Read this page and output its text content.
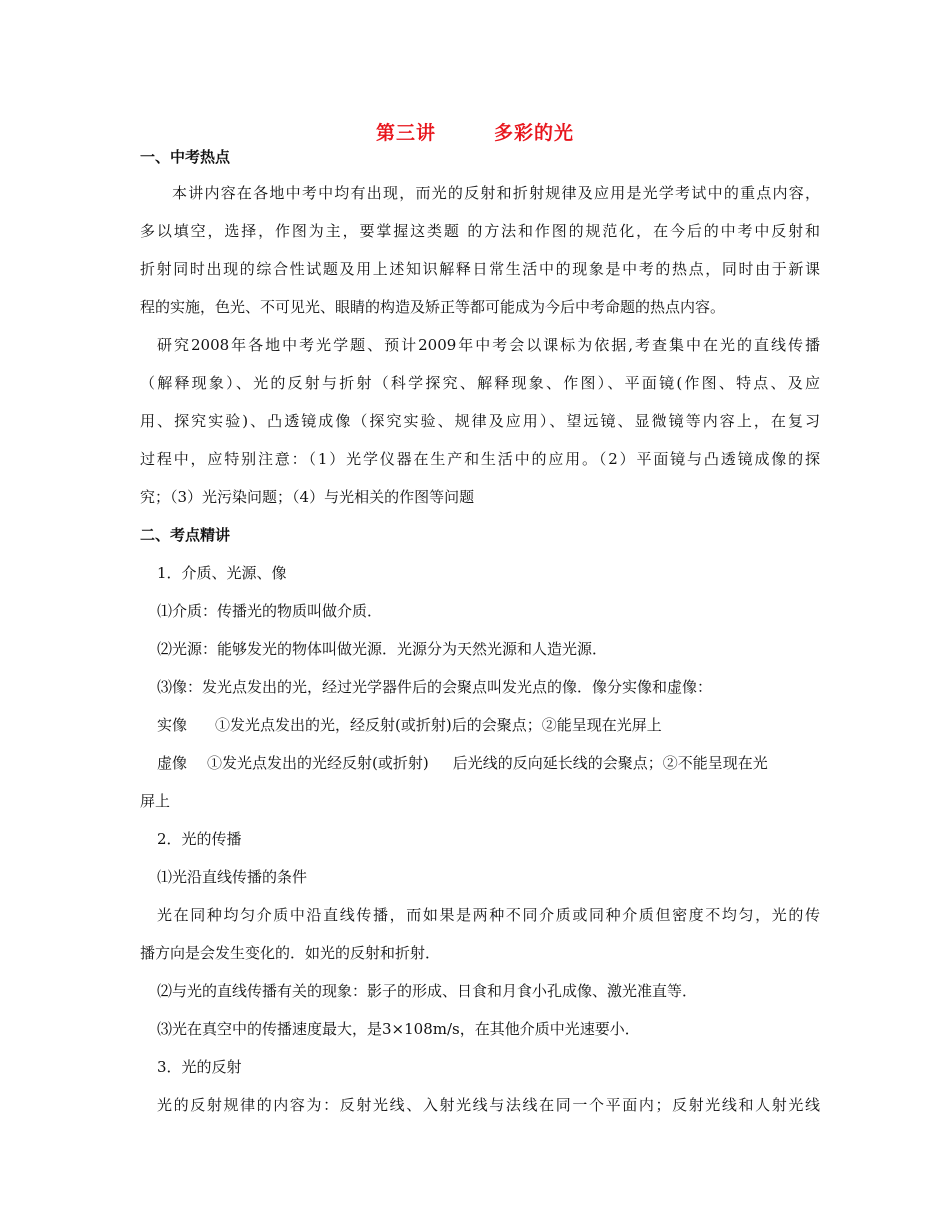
第三讲	多彩的光
一、中考热点
本讲内容在各地中考中均有出现，而光的反射和折射规律及应用是光学考试中的重点内容，
多以填空，选择，作图为主，要掌握这类题 的方法和作图的规范化，在今后的中考中反射和
折射同时出现的综合性试题及用上述知识解释日常生活中的现象是中考的热点，同时由于新课
程的实施，色光、不可见光、眼睛的构造及矫正等都可能成为今后中考命题的热点内容。
研究2008年各地中考光学题、预计2009年中考会以课标为依据,考查集中在光的直线传播
（解释现象）、光的反射与折射（科学探究、解释现象、作图）、平面镜(作图、特点、及应
用、探究实验)、凸透镜成像（探究实验、规律及应用）、望远镜、显微镜等内容上，在复习
过程中，应特别注意：（1）光学仪器在生产和生活中的应用。（2）平面镜与凸透镜成像的探
究；（3）光污染问题；（4）与光相关的作图等问题
二、考点精讲
1．介质、光源、像
⑴介质：传播光的物质叫做介质．
⑵光源：能够发光的物体叫做光源．光源分为天然光源和人造光源．
⑶像：发光点发出的光，经过光学器件后的会聚点叫发光点的像．像分实像和虚像：
实像 ①发光点发出的光，经反射(或折射)后的会聚点；②能呈现在光屏上
虚像 ①发光点发出的光经反射(或折射) 后光线的反向延长线的会聚点；②不能呈现在光
屏上
2．光的传播
⑴光沿直线传播的条件
光在同种均匀介质中沿直线传播，而如果是两种不同介质或同种介质但密度不均匀，光的传
播方向是会发生变化的．如光的反射和折射．
⑵与光的直线传播有关的现象：影子的形成、日食和月食小孔成像、激光准直等．
⑶光在真空中的传播速度最大，是3×108m/s，在其他介质中光速要小．
3．光的反射
光的反射规律的内容为：反射光线、入射光线与法线在同一个平面内；反射光线和人射光线
